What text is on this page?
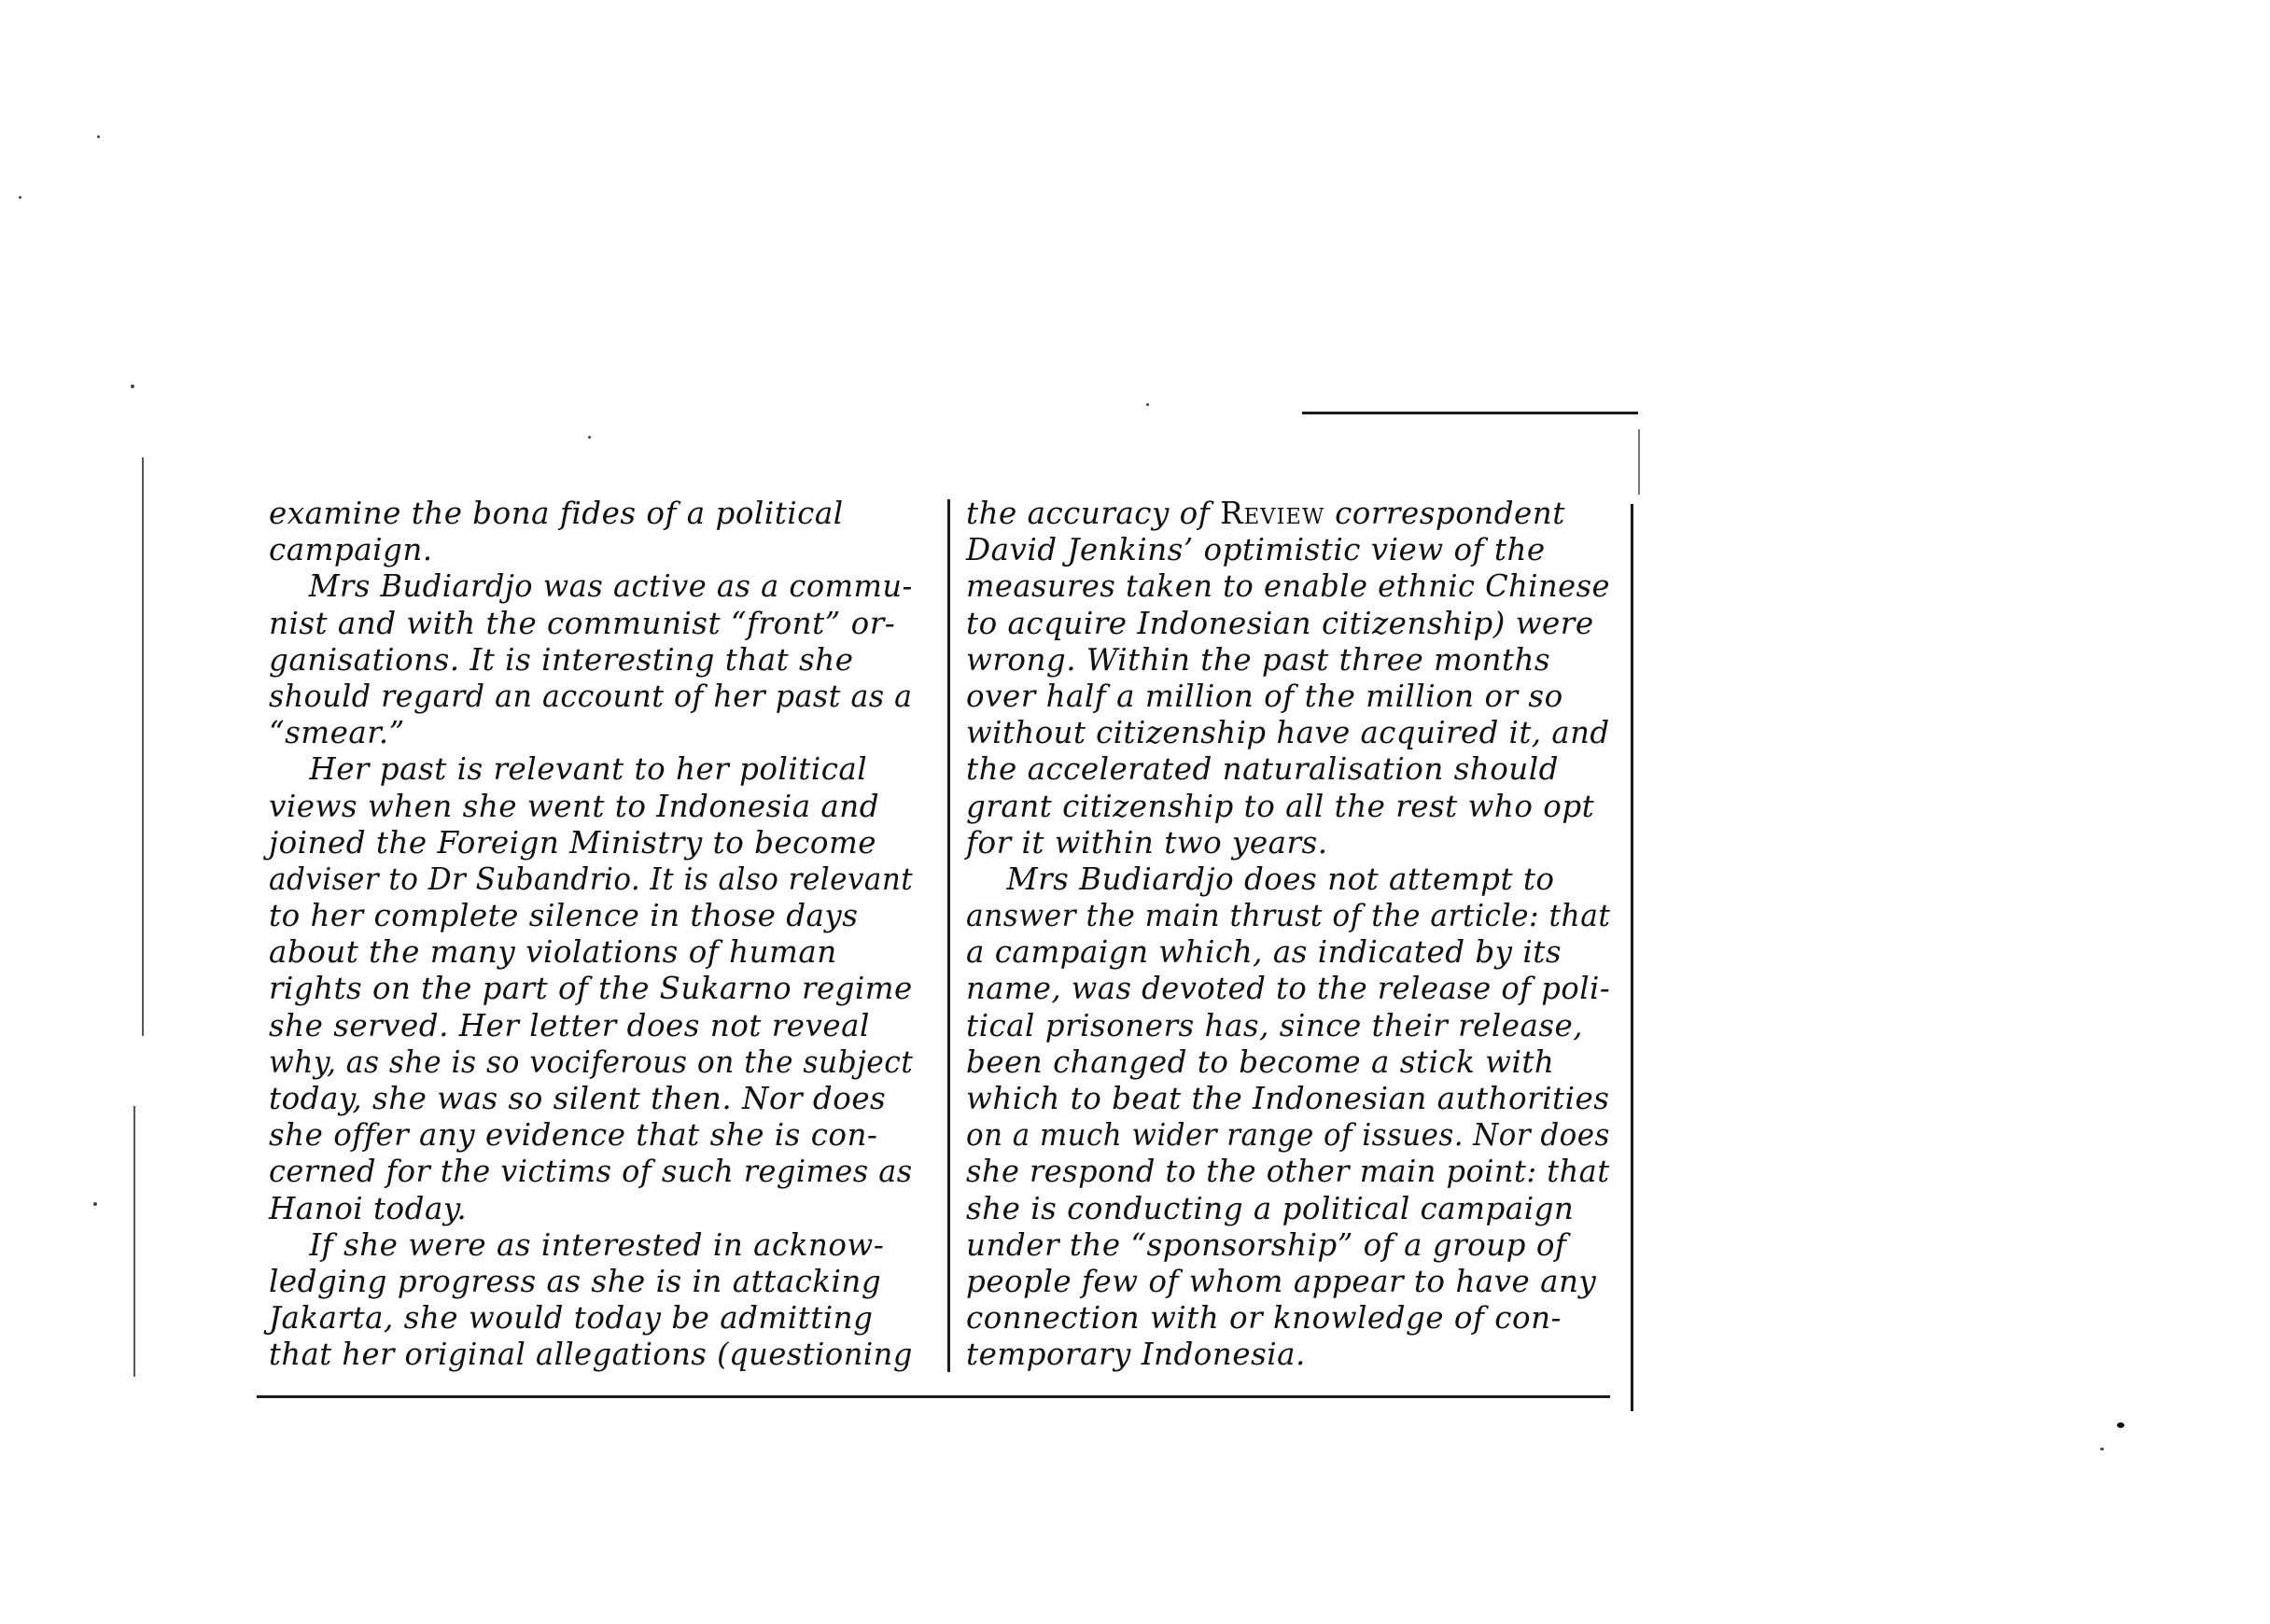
examine the bona fides of a political
campaign.
Mrs Budiardjo was active as a commu-
nist and with the communist “front” or-
ganisations. It is interesting that she
should regard an account of her past as a
“smear.”
Her past is relevant to her political
views when she went to Indonesia and
joined the Foreign Ministry to become
adviser to Dr Subandrio. It is also relevant
to her complete silence in those days
about the many violations of human
rights on the part of the Sukarno regime
she served. Her letter does not reveal
why, as she is so vociferous on the subject
today, she was so silent then. Nor does
she offer any evidence that she is con-
cerned for the victims of such regimes as
Hanoi today.
If she were as interested in acknow-
ledging progress as she is in attacking
Jakarta, she would today be admitting
that her original allegations (questioning
the accuracy of Review correspondent
David Jenkins’ optimistic view of the
measures taken to enable ethnic Chinese
to acquire Indonesian citizenship) were
wrong. Within the past three months
over half a million of the million or so
without citizenship have acquired it, and
the accelerated naturalisation should
grant citizenship to all the rest who opt
for it within two years.
Mrs Budiardjo does not attempt to
answer the main thrust of the article: that
a campaign which, as indicated by its
name, was devoted to the release of poli-
tical prisoners has, since their release,
been changed to become a stick with
which to beat the Indonesian authorities
on a much wider range of issues. Nor does
she respond to the other main point: that
she is conducting a political campaign
under the “sponsorship” of a group of
people few of whom appear to have any
connection with or knowledge of con-
temporary Indonesia.
